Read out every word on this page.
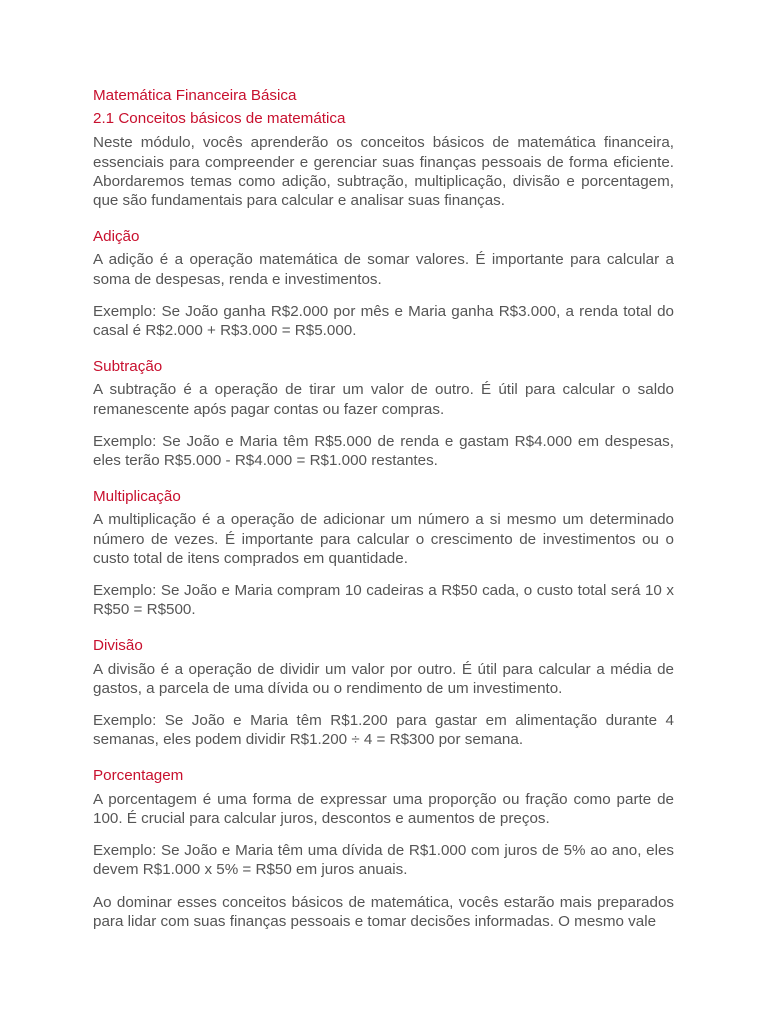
Matemática Financeira Básica
2.1 Conceitos básicos de matemática

Neste módulo, vocês aprenderão os conceitos básicos de matemática financeira, essenciais para compreender e gerenciar suas finanças pessoais de forma eficiente. Abordaremos temas como adição, subtração, multiplicação, divisão e porcentagem, que são fundamentais para calcular e analisar suas finanças.

Adição

A adição é a operação matemática de somar valores. É importante para calcular a soma de despesas, renda e investimentos.

Exemplo: Se João ganha R$2.000 por mês e Maria ganha R$3.000, a renda total do casal é R$2.000 + R$3.000 = R$5.000.

Subtração

A subtração é a operação de tirar um valor de outro. É útil para calcular o saldo remanescente após pagar contas ou fazer compras.

Exemplo: Se João e Maria têm R$5.000 de renda e gastam R$4.000 em despesas, eles terão R$5.000 - R$4.000 = R$1.000 restantes.

Multiplicação

A multiplicação é a operação de adicionar um número a si mesmo um determinado número de vezes. É importante para calcular o crescimento de investimentos ou o custo total de itens comprados em quantidade.

Exemplo: Se João e Maria compram 10 cadeiras a R$50 cada, o custo total será 10 x R$50 = R$500.

Divisão

A divisão é a operação de dividir um valor por outro. É útil para calcular a média de gastos, a parcela de uma dívida ou o rendimento de um investimento.

Exemplo: Se João e Maria têm R$1.200 para gastar em alimentação durante 4 semanas, eles podem dividir R$1.200 ÷ 4 = R$300 por semana.

Porcentagem

A porcentagem é uma forma de expressar uma proporção ou fração como parte de 100. É crucial para calcular juros, descontos e aumentos de preços.

Exemplo: Se João e Maria têm uma dívida de R$1.000 com juros de 5% ao ano, eles devem R$1.000 x 5% = R$50 em juros anuais.

Ao dominar esses conceitos básicos de matemática, vocês estarão mais preparados para lidar com suas finanças pessoais e tomar decisões informadas. O mesmo vale
